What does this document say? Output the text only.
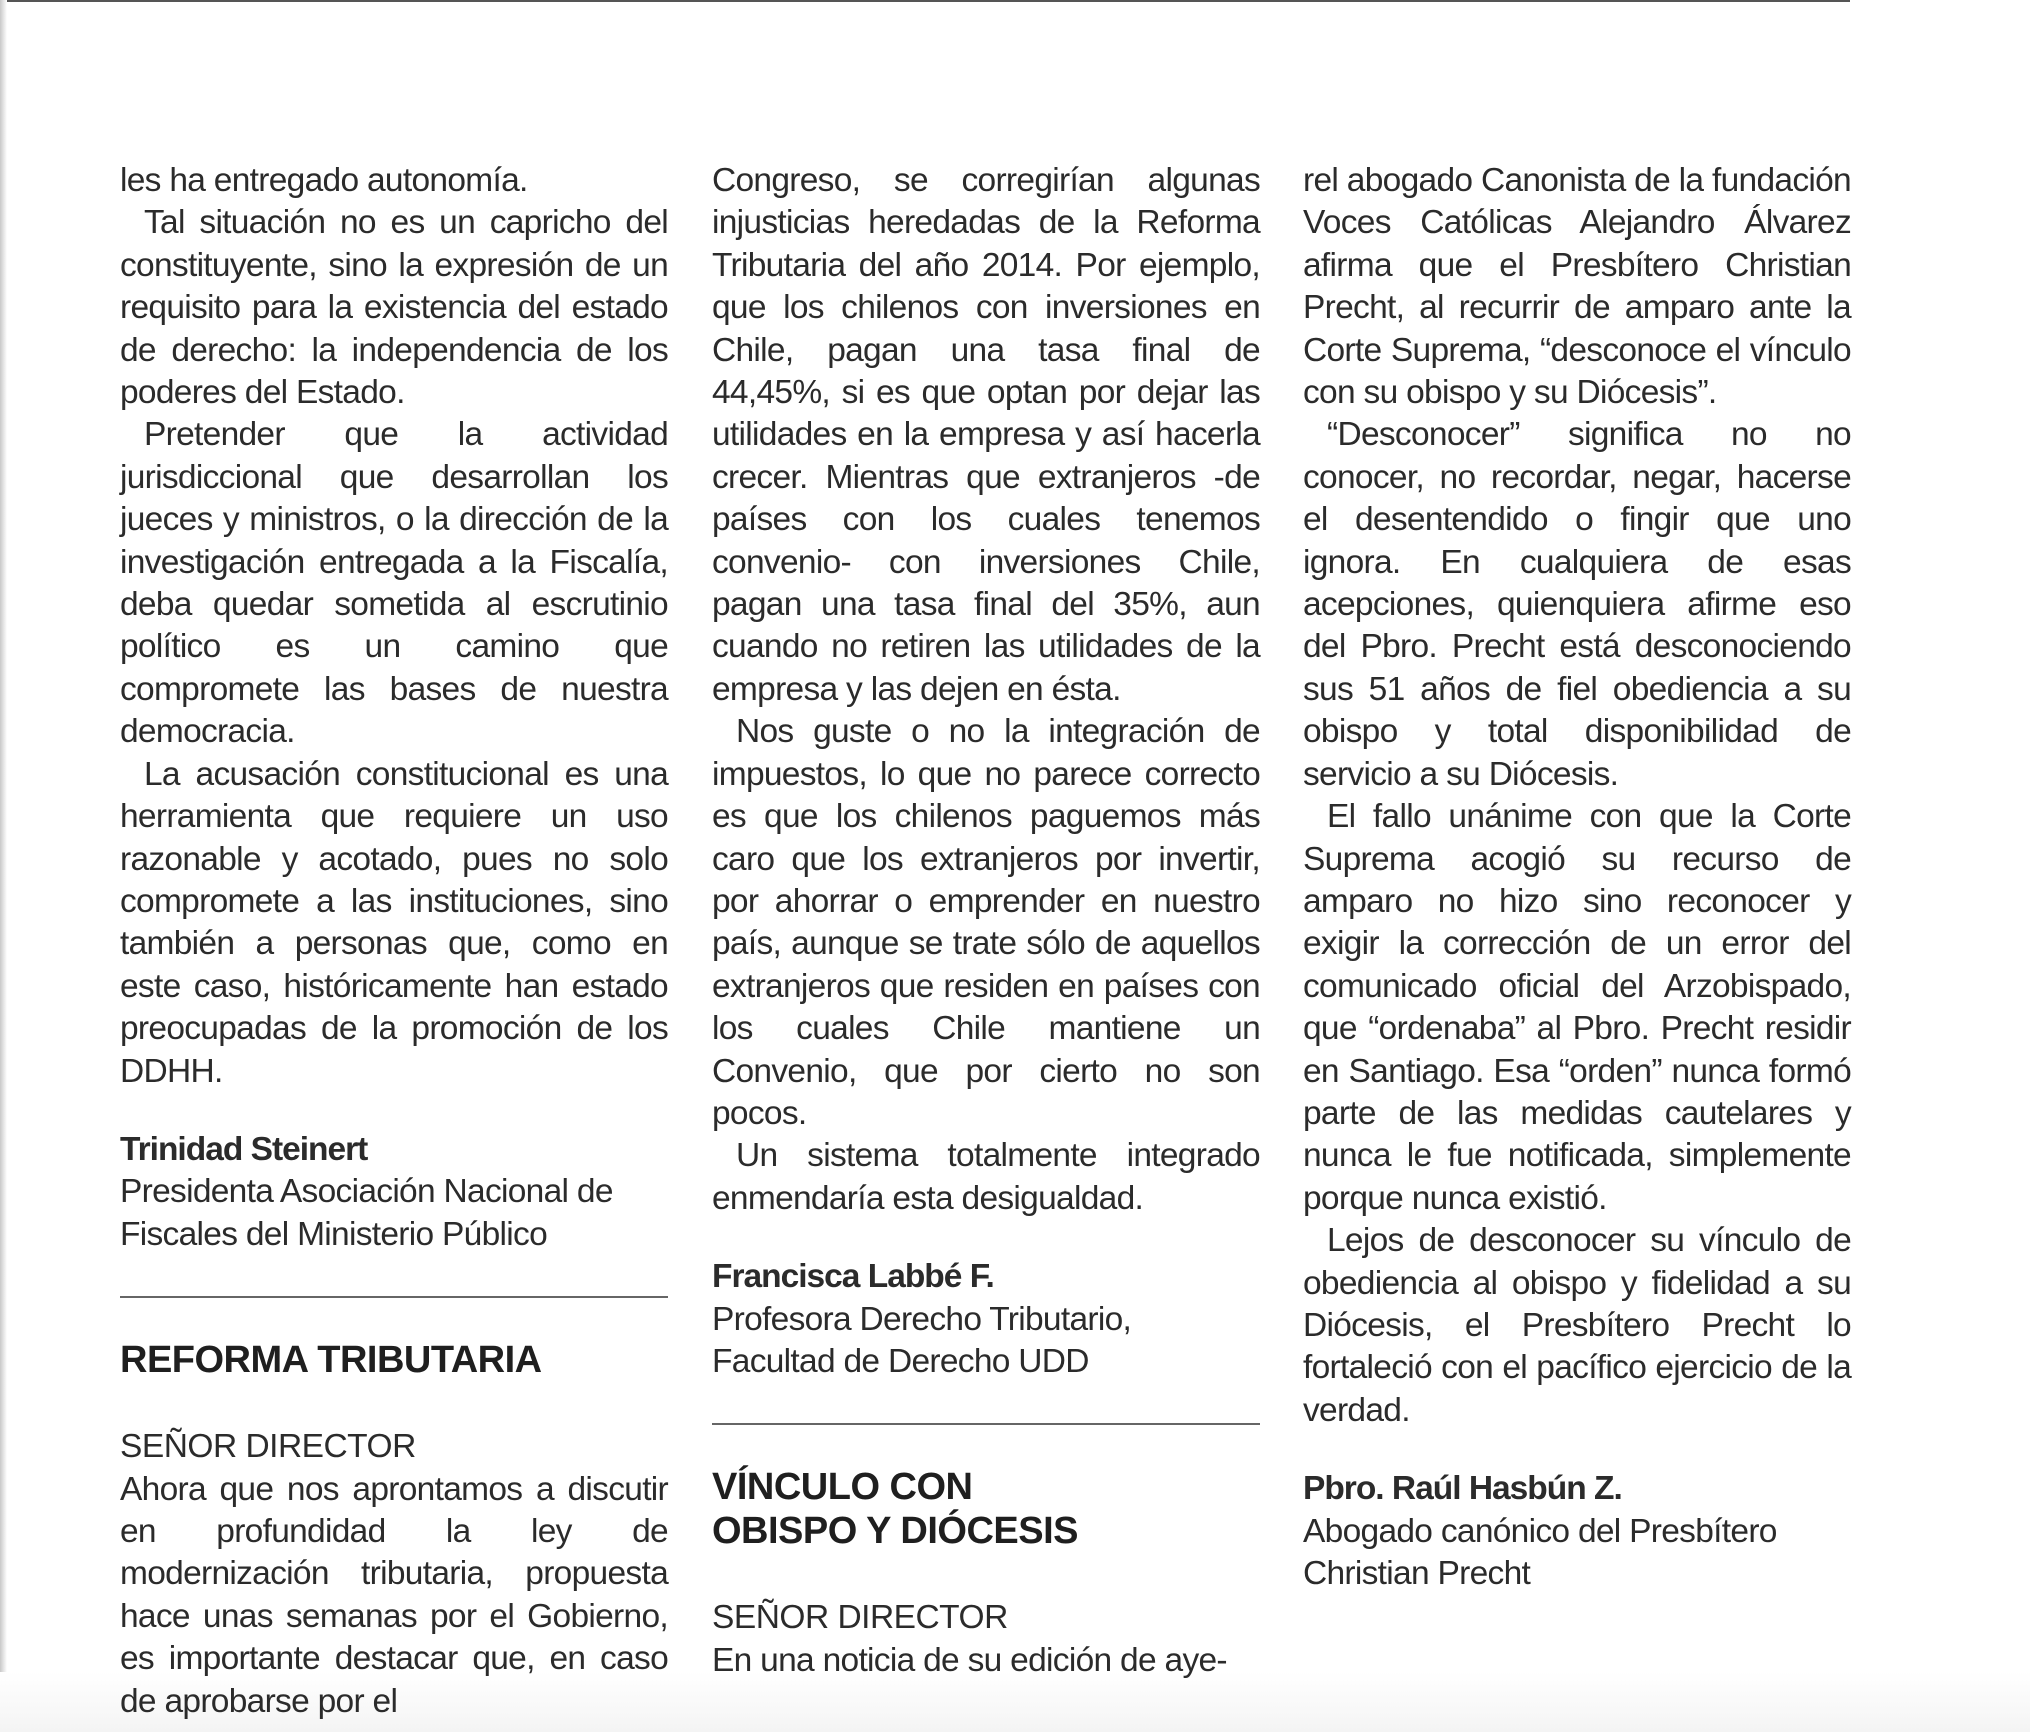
les ha entregado autonomía.

Tal situación no es un capricho del constituyente, sino la expresión de un requisito para la existencia del estado de derecho: la independencia de los poderes del Estado.

Pretender que la actividad jurisdiccional que desarrollan los jueces y ministros, o la dirección de la investigación entregada a la Fiscalía, deba quedar sometida al escrutinio político es un camino que compromete las bases de nuestra democracia.

La acusación constitucional es una herramienta que requiere un uso razonable y acotado, pues no solo compromete a las instituciones, sino también a personas que, como en este caso, históricamente han estado preocupadas de la promoción de los DDHH.

Trinidad Steinert
Presidenta Asociación Nacional de Fiscales del Ministerio Público
REFORMA TRIBUTARIA
SEÑOR DIRECTOR

Ahora que nos aprontamos a discutir en profundidad la ley de modernización tributaria, propuesta hace unas semanas por el Gobierno, es importante destacar que, en caso de aprobarse por el

Congreso, se corregirían algunas injusticias heredadas de la Reforma Tributaria del año 2014. Por ejemplo, que los chilenos con inversiones en Chile, pagan una tasa final de 44,45%, si es que optan por dejar las utilidades en la empresa y así hacerla crecer. Mientras que extranjeros -de países con los cuales tenemos convenio- con inversiones Chile, pagan una tasa final del 35%, aun cuando no retiren las utilidades de la empresa y las dejen en ésta.

Nos guste o no la integración de impuestos, lo que no parece correcto es que los chilenos paguemos más caro que los extranjeros por invertir, por ahorrar o emprender en nuestro país, aunque se trate sólo de aquellos extranjeros que residen en países con los cuales Chile mantiene un Convenio, que por cierto no son pocos.

Un sistema totalmente integrado enmendaría esta desigualdad.

Francisca Labbé F.
Profesora Derecho Tributario, Facultad de Derecho UDD
VÍNCULO CON
OBISPO Y DIÓCESIS
SEÑOR DIRECTOR

En una noticia de su edición de aye-

rel abogado Canonista de la fundación Voces Católicas Alejandro Álvarez afirma que el Presbítero Christian Precht, al recurrir de amparo ante la Corte Suprema, “desconoce el vínculo con su obispo y su Diócesis”.

“Desconocer” significa no no conocer, no recordar, negar, hacerse el desentendido o fingir que uno ignora. En cualquiera de esas acepciones, quienquiera afirme eso del Pbro. Precht está desconociendo sus 51 años de fiel obediencia a su obispo y total disponibilidad de servicio a su Diócesis.

El fallo unánime con que la Corte Suprema acogió su recurso de amparo no hizo sino reconocer y exigir la corrección de un error del comunicado oficial del Arzobispado, que “ordenaba” al Pbro. Precht residir en Santiago. Esa “orden” nunca formó parte de las medidas cautelares y nunca le fue notificada, simplemente porque nunca existió.

Lejos de desconocer su vínculo de obediencia al obispo y fidelidad a su Diócesis, el Presbítero Precht lo fortaleció con el pacífico ejercicio de la verdad.

Pbro. Raúl Hasbún Z.
Abogado canónico del Presbítero Christian Precht
